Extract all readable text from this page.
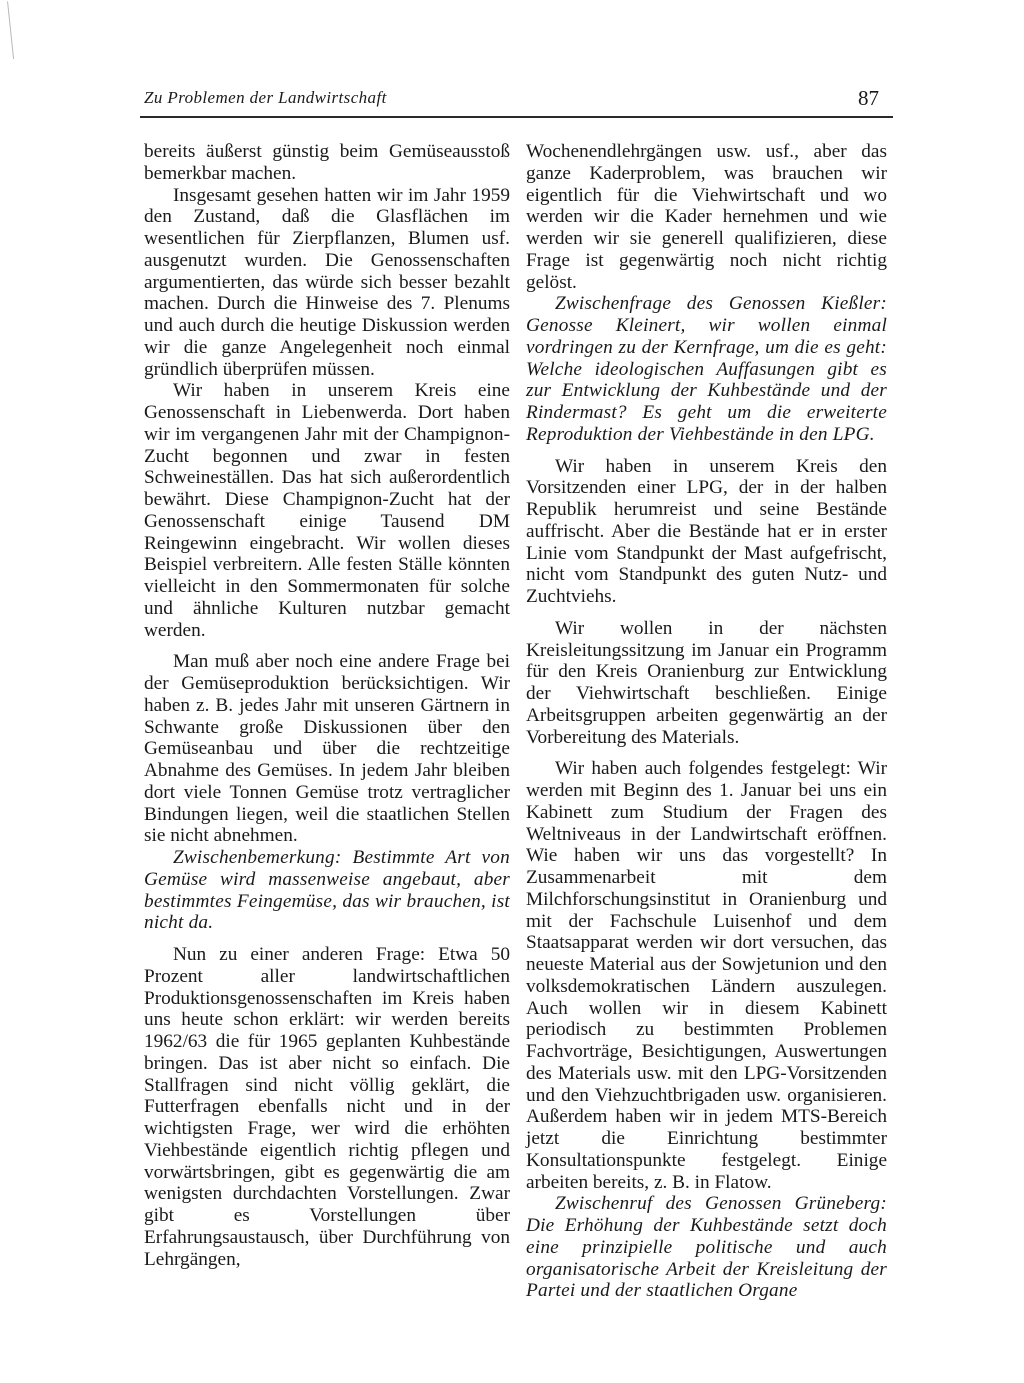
Zu Problemen der Landwirtschaft	87

bereits äußerst günstig beim Gemüseausstoß bemerkbar machen.

Insgesamt gesehen hatten wir im Jahr 1959 den Zustand, daß die Glasflächen im wesentlichen für Zierpflanzen, Blumen usf. ausgenutzt wurden. Die Genossenschaften argumentierten, das würde sich besser bezahlt machen. Durch die Hinweise des 7. Plenums und auch durch die heutige Diskussion werden wir die ganze Angelegenheit noch einmal gründlich überprüfen müssen.

Wir haben in unserem Kreis eine Genossenschaft in Liebenwerda. Dort haben wir im vergangenen Jahr mit der Champignon-Zucht begonnen und zwar in festen Schweineställen. Das hat sich außerordentlich bewährt. Diese Champignon-Zucht hat der Genossenschaft einige Tausend DM Reingewinn eingebracht. Wir wollen dieses Beispiel verbreitern. Alle festen Ställe könnten vielleicht in den Sommermonaten für solche und ähnliche Kulturen nutzbar gemacht werden.

Man muß aber noch eine andere Frage bei der Gemüseproduktion berücksichtigen. Wir haben z. B. jedes Jahr mit unseren Gärtnern in Schwante große Diskussionen über den Gemüseanbau und über die rechtzeitige Abnahme des Gemüses. In jedem Jahr bleiben dort viele Tonnen Gemüse trotz vertraglicher Bindungen liegen, weil die staatlichen Stellen sie nicht abnehmen.

Zwischenbemerkung: Bestimmte Art von Gemüse wird massenweise angebaut, aber bestimmtes Feingemüse, das wir brauchen, ist nicht da.

Nun zu einer anderen Frage: Etwa 50 Prozent aller landwirtschaftlichen Produktionsgenossenschaften im Kreis haben uns heute schon erklärt: wir werden bereits 1962/63 die für 1965 geplanten Kuhbestände bringen. Das ist aber nicht so einfach. Die Stallfragen sind nicht völlig geklärt, die Futterfragen ebenfalls nicht und in der wichtigsten Frage, wer wird die erhöhten Viehbestände eigentlich richtig pflegen und vorwärtsbringen, gibt es gegenwärtig die am wenigsten durchdachten Vorstellungen. Zwar gibt es Vorstellungen über Erfahrungsaustausch, über Durchführung von Lehrgängen,

Wochenendlehrgängen usw. usf., aber das ganze Kaderproblem, was brauchen wir eigentlich für die Viehwirtschaft und wo werden wir die Kader hernehmen und wie werden wir sie generell qualifizieren, diese Frage ist gegenwärtig noch nicht richtig gelöst.

Zwischenfrage des Genossen Kießler: Genosse Kleinert, wir wollen einmal vordringen zu der Kernfrage, um die es geht: Welche ideologischen Auffasungen gibt es zur Entwicklung der Kuhbestände und der Rindermast? Es geht um die erweiterte Reproduktion der Viehbestände in den LPG.

Wir haben in unserem Kreis den Vorsitzenden einer LPG, der in der halben Republik herumreist und seine Bestände auffrischt. Aber die Bestände hat er in erster Linie vom Standpunkt der Mast aufgefrischt, nicht vom Standpunkt des guten Nutz- und Zuchtviehs.

Wir wollen in der nächsten Kreisleitungssitzung im Januar ein Programm für den Kreis Oranienburg zur Entwicklung der Viehwirtschaft beschließen. Einige Arbeitsgruppen arbeiten gegenwärtig an der Vorbereitung des Materials.

Wir haben auch folgendes festgelegt: Wir werden mit Beginn des 1. Januar bei uns ein Kabinett zum Studium der Fragen des Weltniveaus in der Landwirtschaft eröffnen. Wie haben wir uns das vorgestellt? In Zusammenarbeit mit dem Milchforschungsinstitut in Oranienburg und mit der Fachschule Luisenhof und dem Staatsapparat werden wir dort versuchen, das neueste Material aus der Sowjetunion und den volksdemokratischen Ländern auszulegen. Auch wollen wir in diesem Kabinett periodisch zu bestimmten Problemen Fachvorträge, Besichtigungen, Auswertungen des Materials usw. mit den LPG-Vorsitzenden und den Viehzuchtbrigaden usw. organisieren. Außerdem haben wir in jedem MTS-Bereich jetzt die Einrichtung bestimmter Konsultationspunkte festgelegt. Einige arbeiten bereits, z. B. in Flatow.

Zwischenruf des Genossen Grüneberg: Die Erhöhung der Kuhbestände setzt doch eine prinzipielle politische und auch organisatorische Arbeit der Kreisleitung der Partei und der staatlichen Organe
